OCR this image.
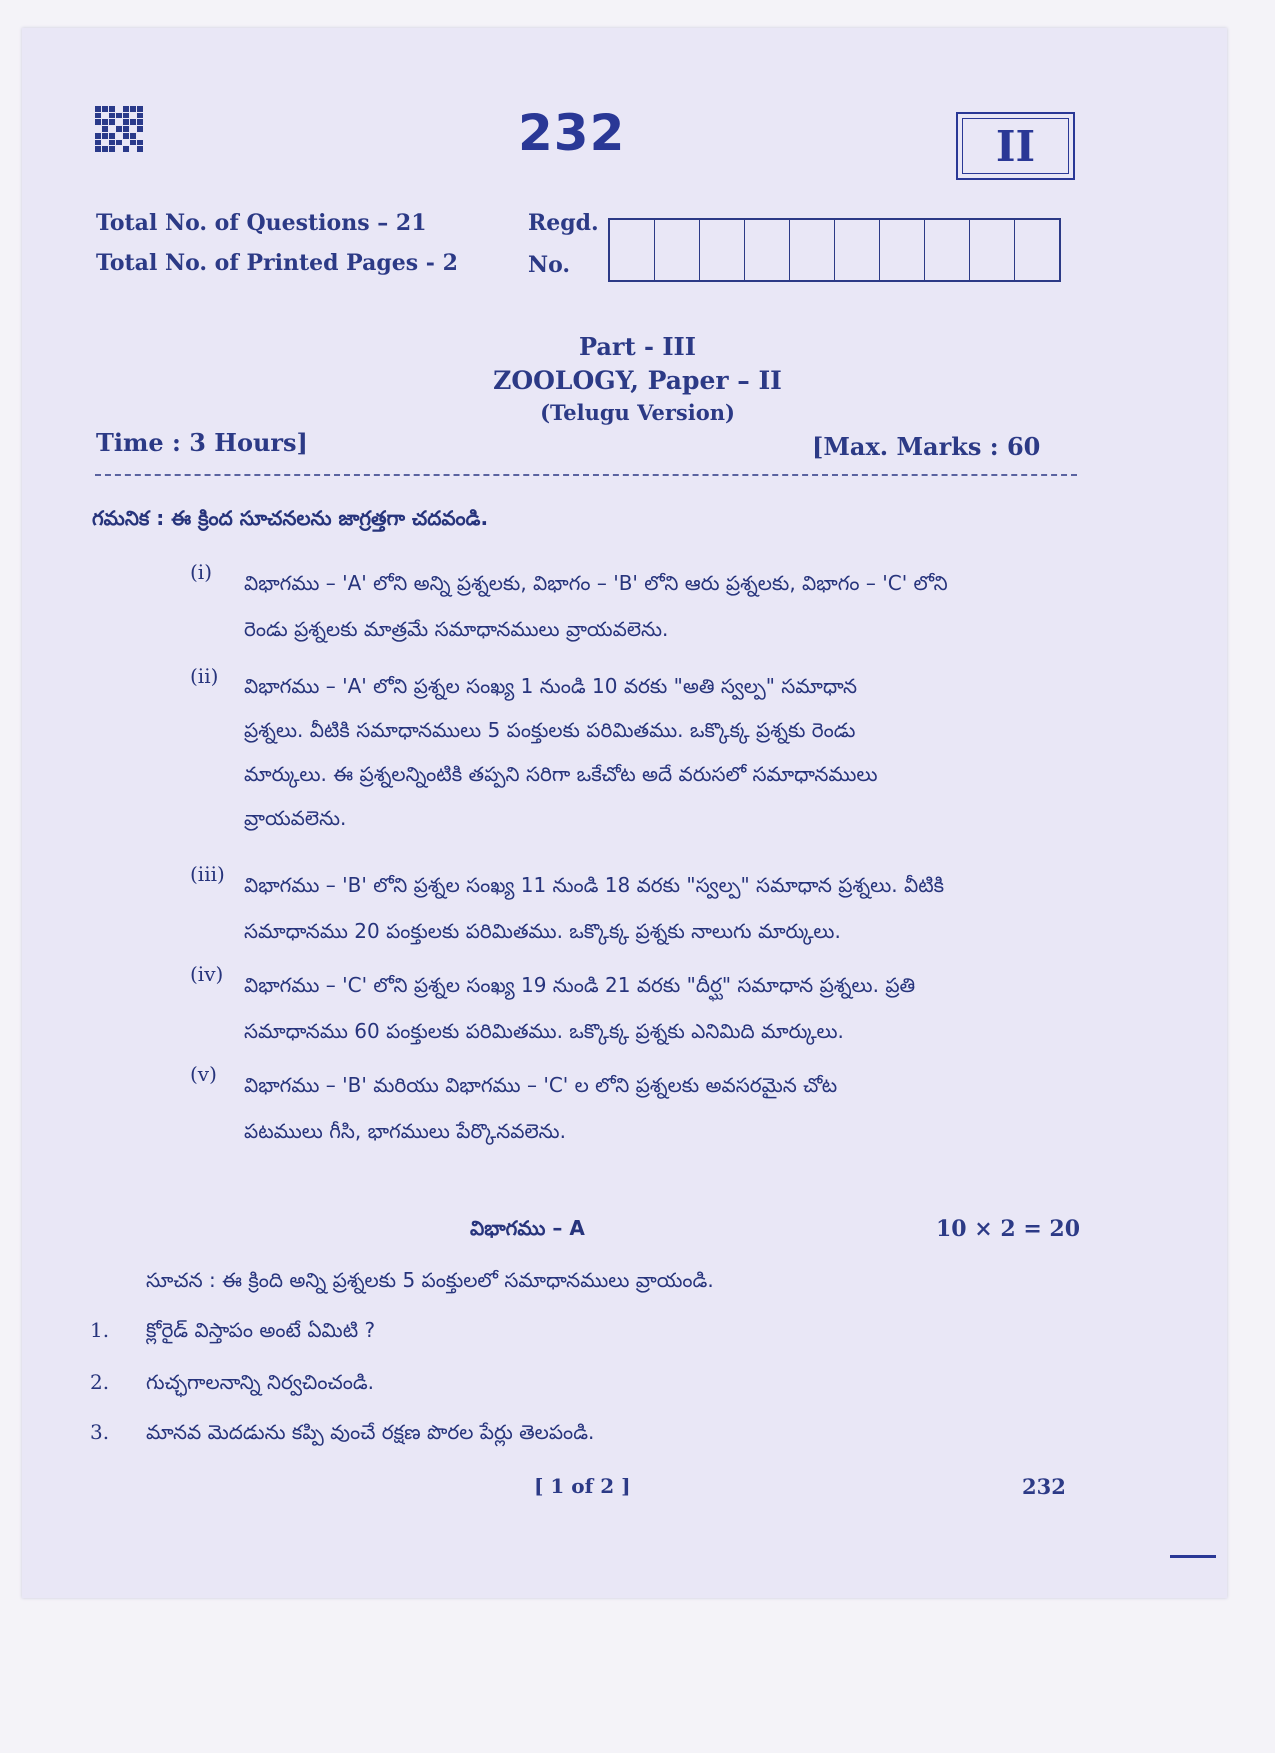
232	II
Total No. of Questions – 21
Total No. of Printed Pages - 2
Regd.
No.
Part - III
ZOOLOGY, Paper – II
(Telugu Version)
Time : 3 Hours]	[Max. Marks : 60
గమనిక : ఈ క్రింద సూచనలను జాగ్రత్తగా చదవండి.
(i) విభాగము – 'A' లోని అన్ని ప్రశ్నలకు, విభాగం – 'B' లోని ఆరు ప్రశ్నలకు, విభాగం – 'C' లోని
రెండు ప్రశ్నలకు మాత్రమే సమాధానములు వ్రాయవలెను.
(ii) విభాగము – 'A' లోని ప్రశ్నల సంఖ్య 1 నుండి 10 వరకు "అతి స్వల్ప" సమాధాన
ప్రశ్నలు. వీటికి సమాధానములు 5 పంక్తులకు పరిమితము. ఒక్కొక్క ప్రశ్నకు రెండు
మార్కులు. ఈ ప్రశ్నలన్నింటికి తప్పని సరిగా ఒకేచోట అదే వరుసలో సమాధానములు
వ్రాయవలెను.
(iii) విభాగము – 'B' లోని ప్రశ్నల సంఖ్య 11 నుండి 18 వరకు "స్వల్ప" సమాధాన ప్రశ్నలు. వీటికి
సమాధానము 20 పంక్తులకు పరిమితము. ఒక్కొక్క ప్రశ్నకు నాలుగు మార్కులు.
(iv) విభాగము – 'C' లోని ప్రశ్నల సంఖ్య 19 నుండి 21 వరకు "దీర్ఘ" సమాధాన ప్రశ్నలు. ప్రతి
సమాధానము 60 పంక్తులకు పరిమితము. ఒక్కొక్క ప్రశ్నకు ఎనిమిది మార్కులు.
(v) విభాగము – 'B' మరియు విభాగము – 'C' ల లోని ప్రశ్నలకు అవసరమైన చోట
పటములు గీసి, భాగములు పేర్కొనవలెను.
విభాగము – A	10 × 2 = 20
సూచన : ఈ క్రింది అన్ని ప్రశ్నలకు 5 పంక్తులలో సమాధానములు వ్రాయండి.
1. క్లోరైడ్ విస్తాపం అంటే ఏమిటి ?
2. గుచ్ఛగాలనాన్ని నిర్వచించండి.
3. మానవ మెదడును కప్పి వుంచే రక్షణ పొరల పేర్లు తెలపండి.
[ 1 of 2 ]	232
